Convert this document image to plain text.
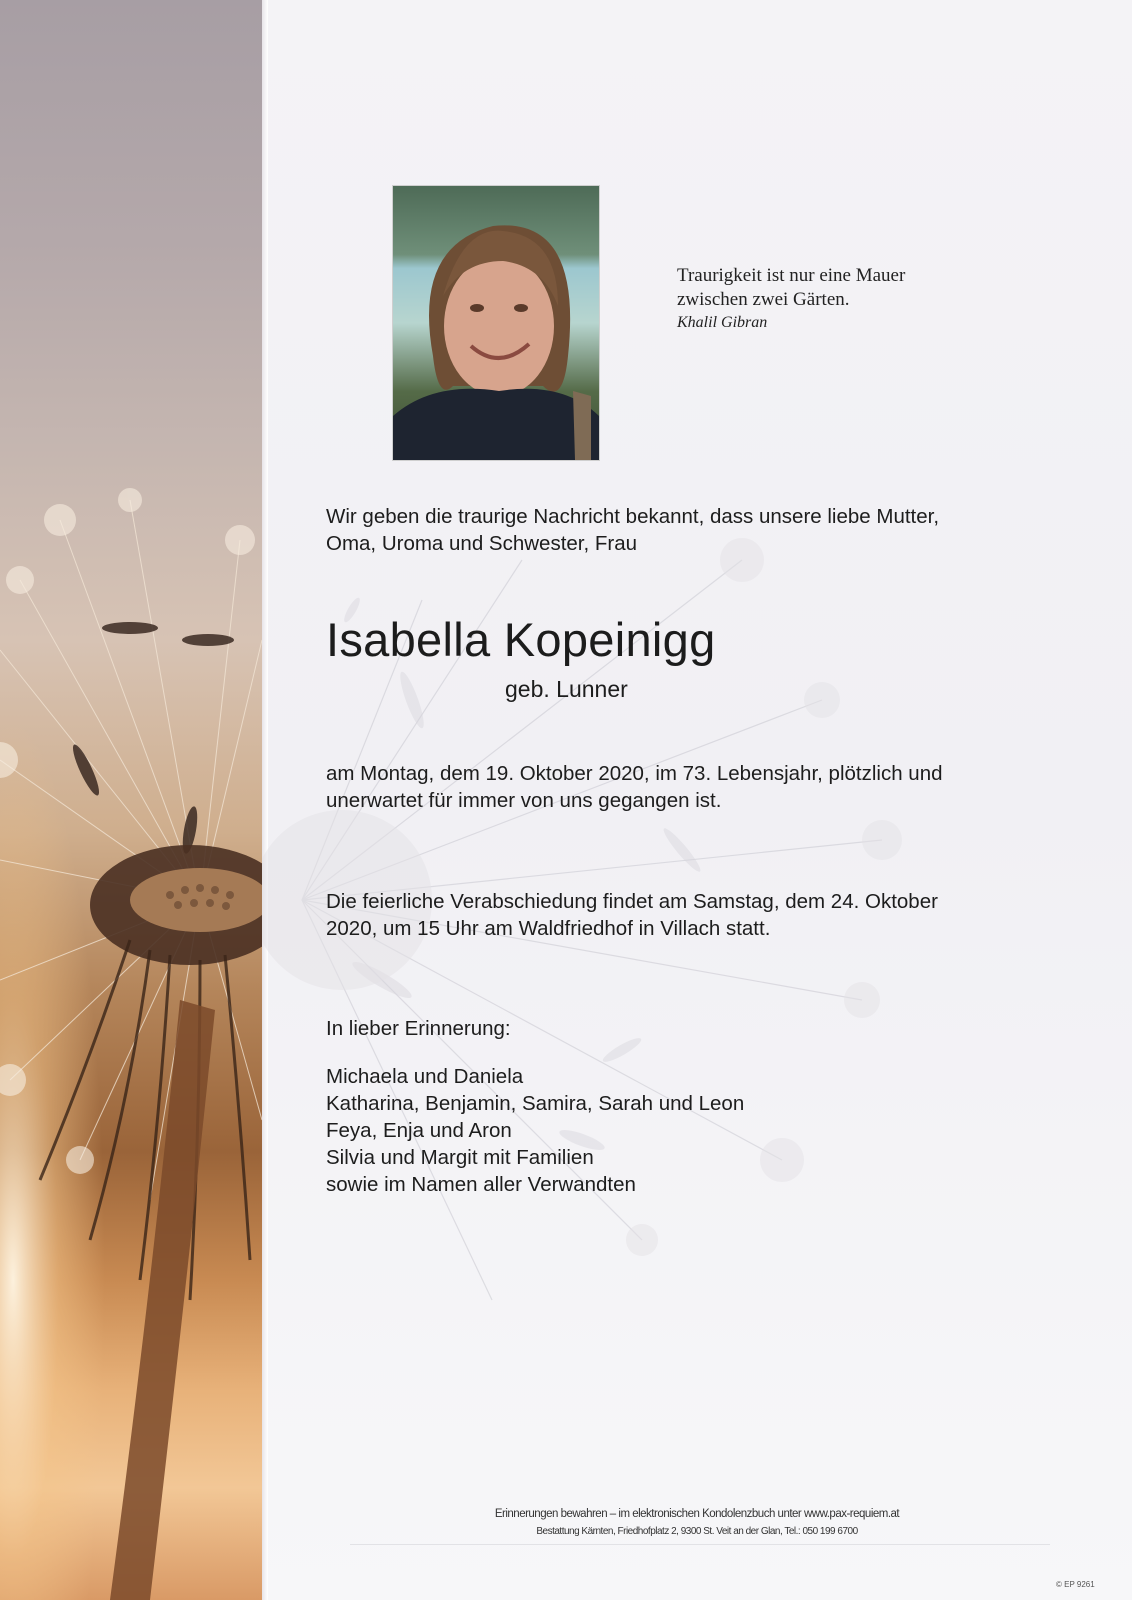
Traurigkeit ist nur eine Mauer
zwischen zwei Gärten.
Khalil Gibran
Wir geben die traurige Nachricht bekannt, dass unsere liebe Mutter,
Oma, Uroma und Schwester, Frau
Isabella Kopeinigg
geb. Lunner
am Montag, dem 19. Oktober 2020, im 73. Lebensjahr, plötzlich und
unerwartet für immer von uns gegangen ist.
Die feierliche Verabschiedung findet am Samstag, dem 24. Oktober
2020, um 15 Uhr am Waldfriedhof in Villach statt.
In lieber Erinnerung:
Michaela und Daniela
Katharina, Benjamin, Samira, Sarah und Leon
Feya, Enja und Aron
Silvia und Margit mit Familien
sowie im Namen aller Verwandten
Erinnerungen bewahren – im elektronischen Kondolenzbuch unter www.pax-requiem.at
Bestattung Kärnten, Friedhofplatz 2, 9300 St. Veit an der Glan, Tel.: 050 199 6700
© EP 9261
